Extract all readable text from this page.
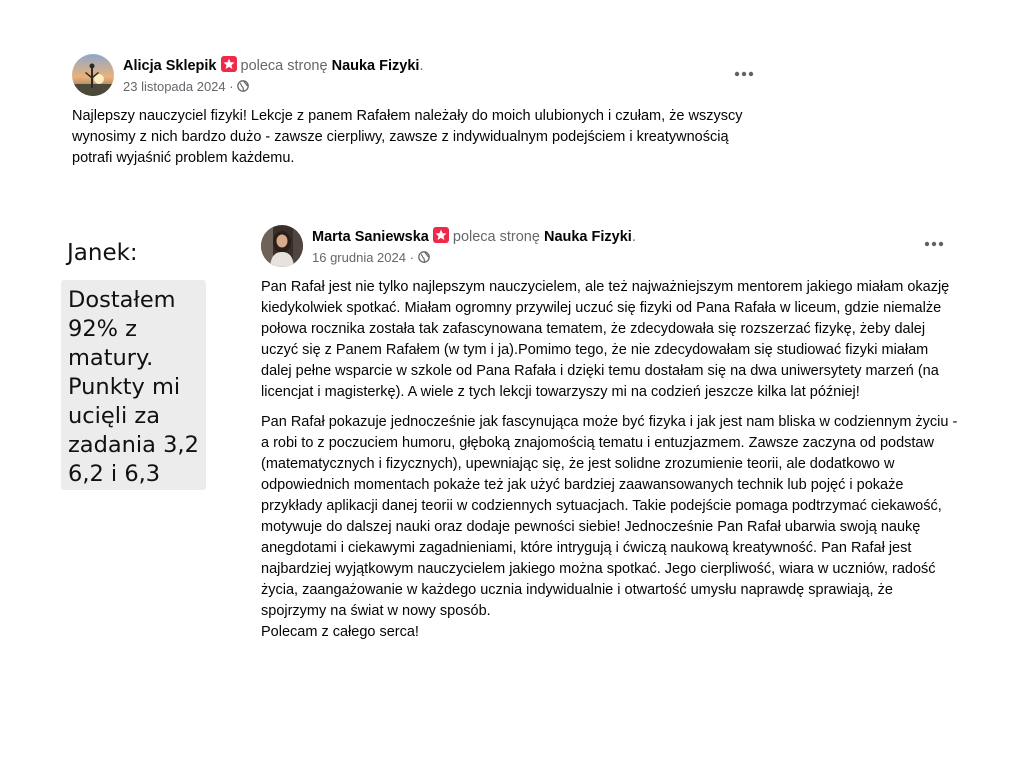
Alicja Sklepik poleca stronę Nauka Fizyki.
23 listopada 2024 ·

Najlepszy nauczyciel fizyki! Lekcje z panem Rafałem należały do moich ulubionych i czułam, że wszyscy wynosimy z nich bardzo dużo - zawsze cierpliwy, zawsze z indywidualnym podejściem i kreatywnością potrafi wyjaśnić problem każdemu.

Janek:
Dostałem 92% z matury. Punkty mi ucięli za zadania 3,2 6,2 i 6,3
Marta Saniewska poleca stronę Nauka Fizyki.
16 grudnia 2024 ·

Pan Rafał jest nie tylko najlepszym nauczycielem, ale też najważniejszym mentorem jakiego miałam okazję kiedykolwiek spotkać. Miałam ogromny przywilej uczuć się fizyki od Pana Rafała w liceum, gdzie niemalże połowa rocznika została tak zafascynowana tematem, że zdecydowała się rozszerzać fizykę, żeby dalej uczyć się z Panem Rafałem (w tym i ja).Pomimo tego, że nie zdecydowałam się studiować fizyki miałam dalej pełne wsparcie w szkole od Pana Rafała i dzięki temu dostałam się na dwa uniwersytety marzeń (na licencjat i magisterkę). A wiele z tych lekcji towarzyszy mi na codzień jeszcze kilka lat później!

Pan Rafał pokazuje jednocześnie jak fascynująca może być fizyka i jak jest nam bliska w codziennym życiu - a robi to z poczuciem humoru, głęboką znajomością tematu i entuzjazmem. Zawsze zaczyna od podstaw (matematycznych i fizycznych), upewniając się, że jest solidne zrozumienie teorii, ale dodatkowo w odpowiednich momentach pokaże też jak użyć bardziej zaawansowanych technik lub pojęć i pokaże przykłady aplikacji danej teorii w codziennych sytuacjach. Takie podejście pomaga podtrzymać ciekawość, motywuje do dalszej nauki oraz dodaje pewności siebie! Jednocześnie Pan Rafał ubarwia swoją naukę anegdotami i ciekawymi zagadnieniami, które intrygują i ćwiczą naukową kreatywność. Pan Rafał jest najbardziej wyjątkowym nauczycielem jakiego można spotkać. Jego cierpliwość, wiara w uczniów, radość życia, zaangażowanie w każdego ucznia indywidualnie i otwartość umysłu naprawdę sprawiają, że spojrzymy na świat w nowy sposób.

Polecam z całego serca!
